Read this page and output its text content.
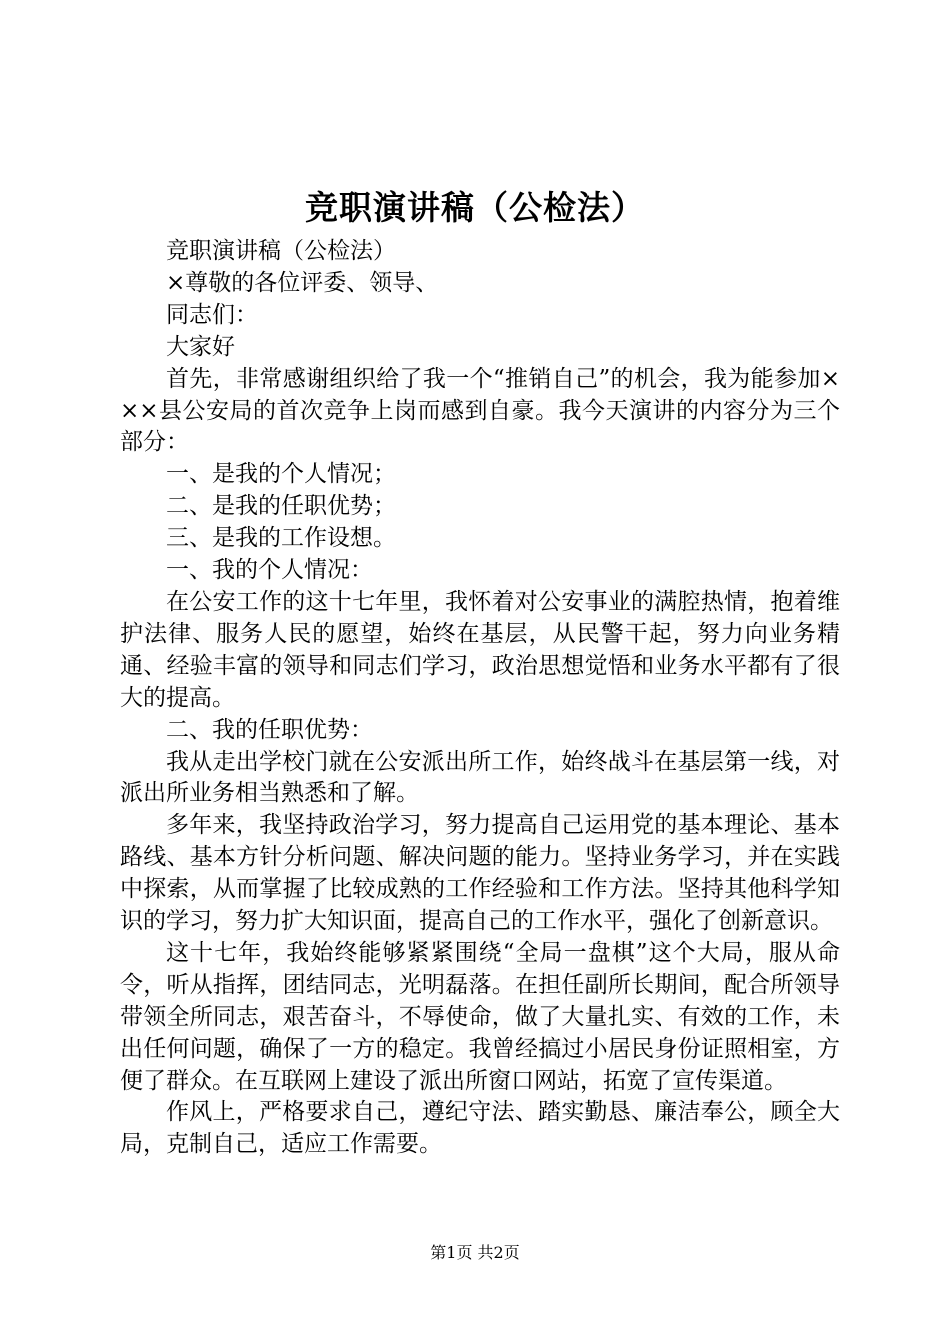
竞职演讲稿（公检法）

竞职演讲稿（公检法）

×尊敬的各位评委、领导、

同志们：

大家好

首先，非常感谢组织给了我一个“推销自己”的机会，我为能参加×××县公安局的首次竞争上岗而感到自豪。我今天演讲的内容分为三个部分：

一、是我的个人情况；

二、是我的任职优势；

三、是我的工作设想。

一、我的个人情况：

在公安工作的这十七年里，我怀着对公安事业的满腔热情，抱着维护法律、服务人民的愿望，始终在基层，从民警干起，努力向业务精通、经验丰富的领导和同志们学习，政治思想觉悟和业务水平都有了很大的提高。

二、我的任职优势：

我从走出学校门就在公安派出所工作，始终战斗在基层第一线，对派出所业务相当熟悉和了解。

多年来，我坚持政治学习，努力提高自己运用党的基本理论、基本路线、基本方针分析问题、解决问题的能力。坚持业务学习，并在实践中探索，从而掌握了比较成熟的工作经验和工作方法。坚持其他科学知识的学习，努力扩大知识面，提高自己的工作水平，强化了创新意识。

这十七年，我始终能够紧紧围绕“全局一盘棋”这个大局，服从命令，听从指挥，团结同志，光明磊落。在担任副所长期间，配合所领导带领全所同志，艰苦奋斗，不辱使命，做了大量扎实、有效的工作，未出任何问题，确保了一方的稳定。我曾经搞过小居民身份证照相室，方便了群众。在互联网上建设了派出所窗口网站，拓宽了宣传渠道。

作风上，严格要求自己，遵纪守法、踏实勤恳、廉洁奉公，顾全大局，克制自己，适应工作需要。

第1页 共2页
